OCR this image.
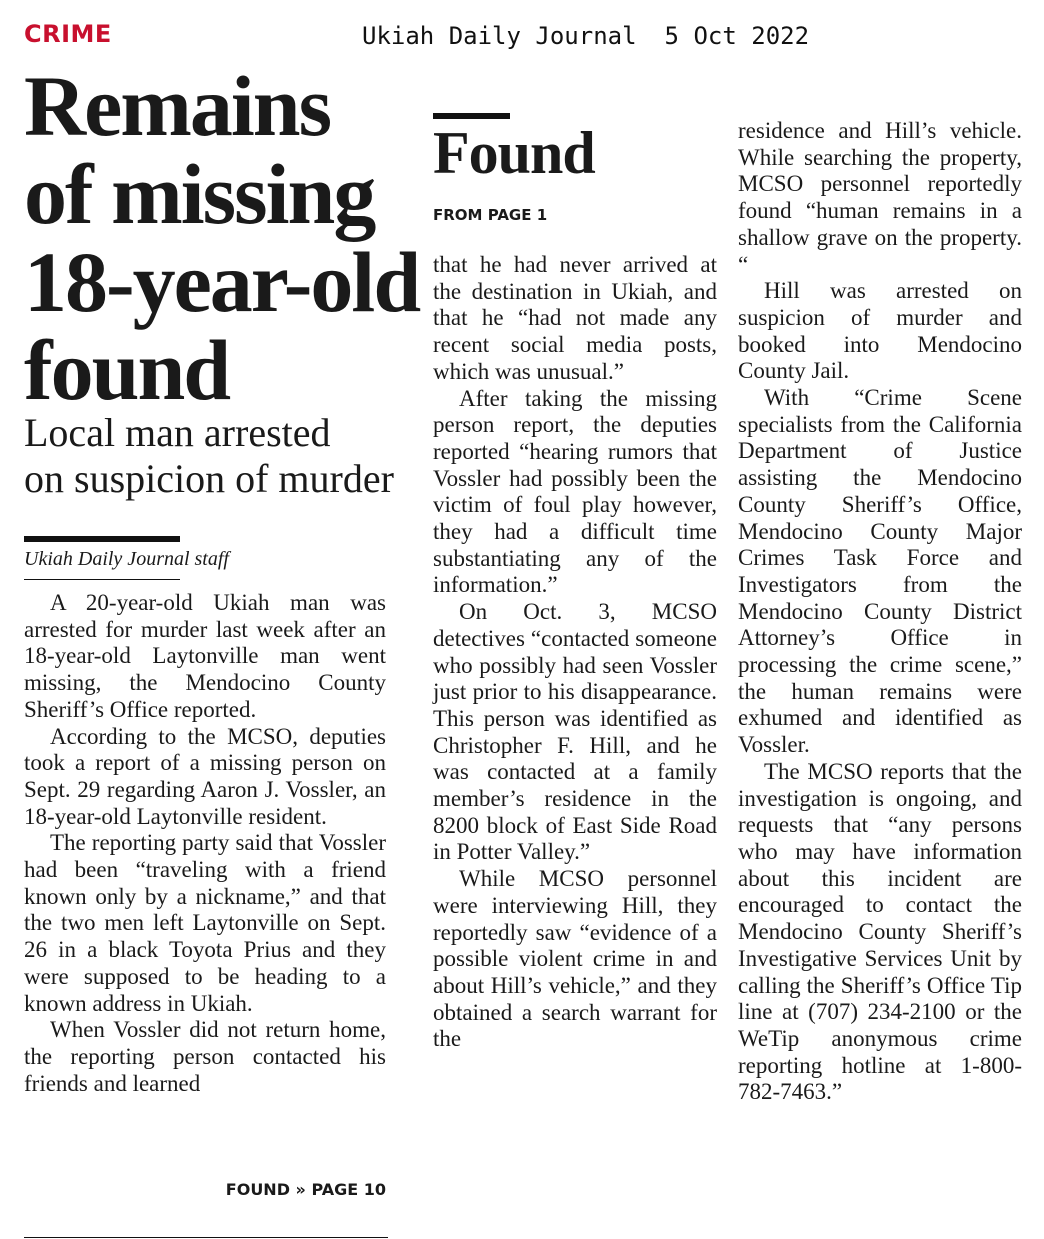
CRIME	Ukiah Daily Journal 5 Oct 2022
Remains
of missing
18-year-old
found
Local man arrested
on suspicion of murder
Ukiah Daily Journal staff

A 20-year-old Ukiah man was arrested for murder last week after an 18-year-old Laytonville man went missing, the Mendocino County Sheriff’s Office reported.

According to the MCSO, deputies took a report of a missing person on Sept. 29 regarding Aaron J. Vossler, an 18-year-old Laytonville resident.

The reporting party said that Vossler had been “traveling with a friend known only by a nickname,” and that the two men left Laytonville on Sept. 26 in a black Toyota Prius and they were supposed to be heading to a known address in Ukiah.

When Vossler did not return home, the reporting person contacted his friends and learned

FOUND » PAGE 10
Found
FROM PAGE 1

that he had never arrived at the destination in Ukiah, and that he “had not made any recent social media posts, which was unusual.”

After taking the missing person report, the deputies reported “hearing rumors that Vossler had possibly been the victim of foul play however, they had a difficult time substantiating any of the information.”

On Oct. 3, MCSO detectives “contacted someone who possibly had seen Vossler just prior to his disappearance. This person was identified as Christopher F. Hill, and he was contacted at a family member’s residence in the 8200 block of East Side Road in Potter Valley.”

While MCSO personnel were interviewing Hill, they reportedly saw “evidence of a possible violent crime in and about Hill’s vehicle,” and they obtained a search warrant for the

residence and Hill’s vehicle. While searching the property, MCSO personnel reportedly found “human remains in a shallow grave on the property. “

Hill was arrested on suspicion of murder and booked into Mendocino County Jail.

With “Crime Scene specialists from the California Department of Justice assisting the Mendocino County Sheriff’s Office, Mendocino County Major Crimes Task Force and Investigators from the Mendocino County District Attorney’s Office in processing the crime scene,” the human remains were exhumed and identified as Vossler.

The MCSO reports that the investigation is ongoing, and requests that “any persons who may have information about this incident are encouraged to contact the Mendocino County Sheriff’s Investigative Services Unit by calling the Sheriff’s Office Tip line at (707) 234-2100 or the WeTip anonymous crime reporting hotline at 1-800-782-7463.”
